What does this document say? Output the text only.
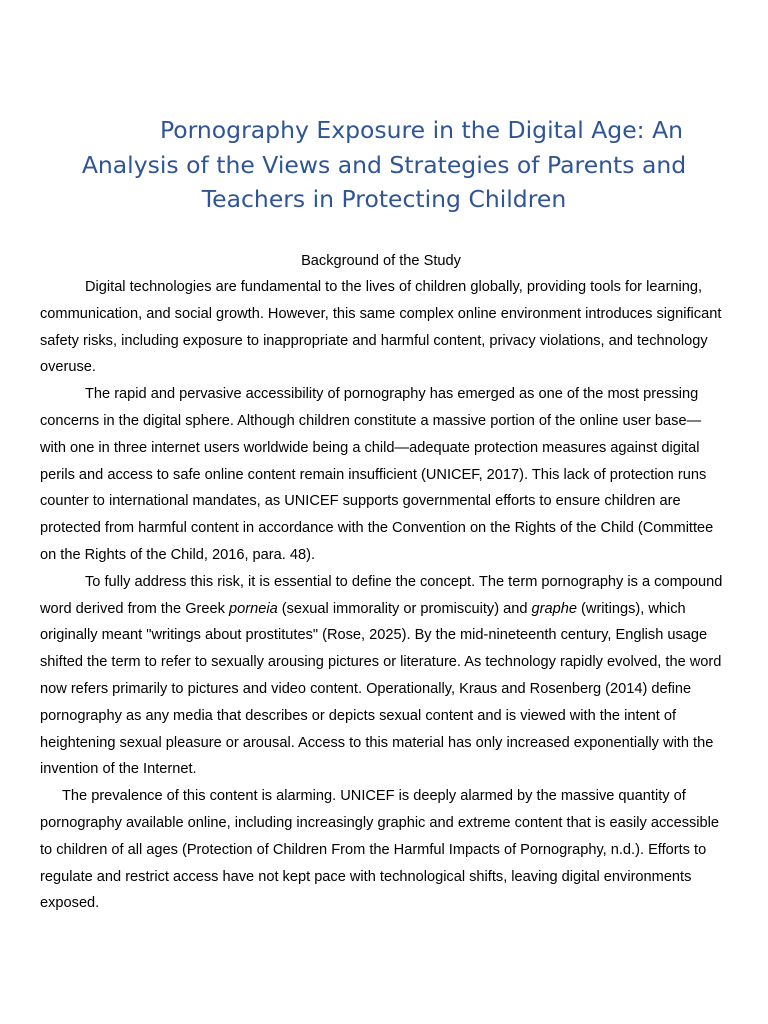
Pornography Exposure in the Digital Age: An
Analysis of the Views and Strategies of Parents and
Teachers in Protecting Children
Background of the Study

Digital technologies are fundamental to the lives of children globally, providing tools for learning, communication, and social growth. However, this same complex online environment introduces significant safety risks, including exposure to inappropriate and harmful content, privacy violations, and technology overuse.

The rapid and pervasive accessibility of pornography has emerged as one of the most pressing concerns in the digital sphere. Although children constitute a massive portion of the online user base—with one in three internet users worldwide being a child—adequate protection measures against digital perils and access to safe online content remain insufficient (UNICEF, 2017). This lack of protection runs counter to international mandates, as UNICEF supports governmental efforts to ensure children are protected from harmful content in accordance with the Convention on the Rights of the Child (Committee on the Rights of the Child, 2016, para. 48).

To fully address this risk, it is essential to define the concept. The term pornography is a compound word derived from the Greek porneia (sexual immorality or promiscuity) and graphe (writings), which originally meant "writings about prostitutes" (Rose, 2025). By the mid-nineteenth century, English usage shifted the term to refer to sexually arousing pictures or literature. As technology rapidly evolved, the word now refers primarily to pictures and video content. Operationally, Kraus and Rosenberg (2014) define pornography as any media that describes or depicts sexual content and is viewed with the intent of heightening sexual pleasure or arousal. Access to this material has only increased exponentially with the invention of the Internet.

The prevalence of this content is alarming. UNICEF is deeply alarmed by the massive quantity of pornography available online, including increasingly graphic and extreme content that is easily accessible to children of all ages (Protection of Children From the Harmful Impacts of Pornography, n.d.). Efforts to regulate and restrict access have not kept pace with technological shifts, leaving digital environments exposed.
